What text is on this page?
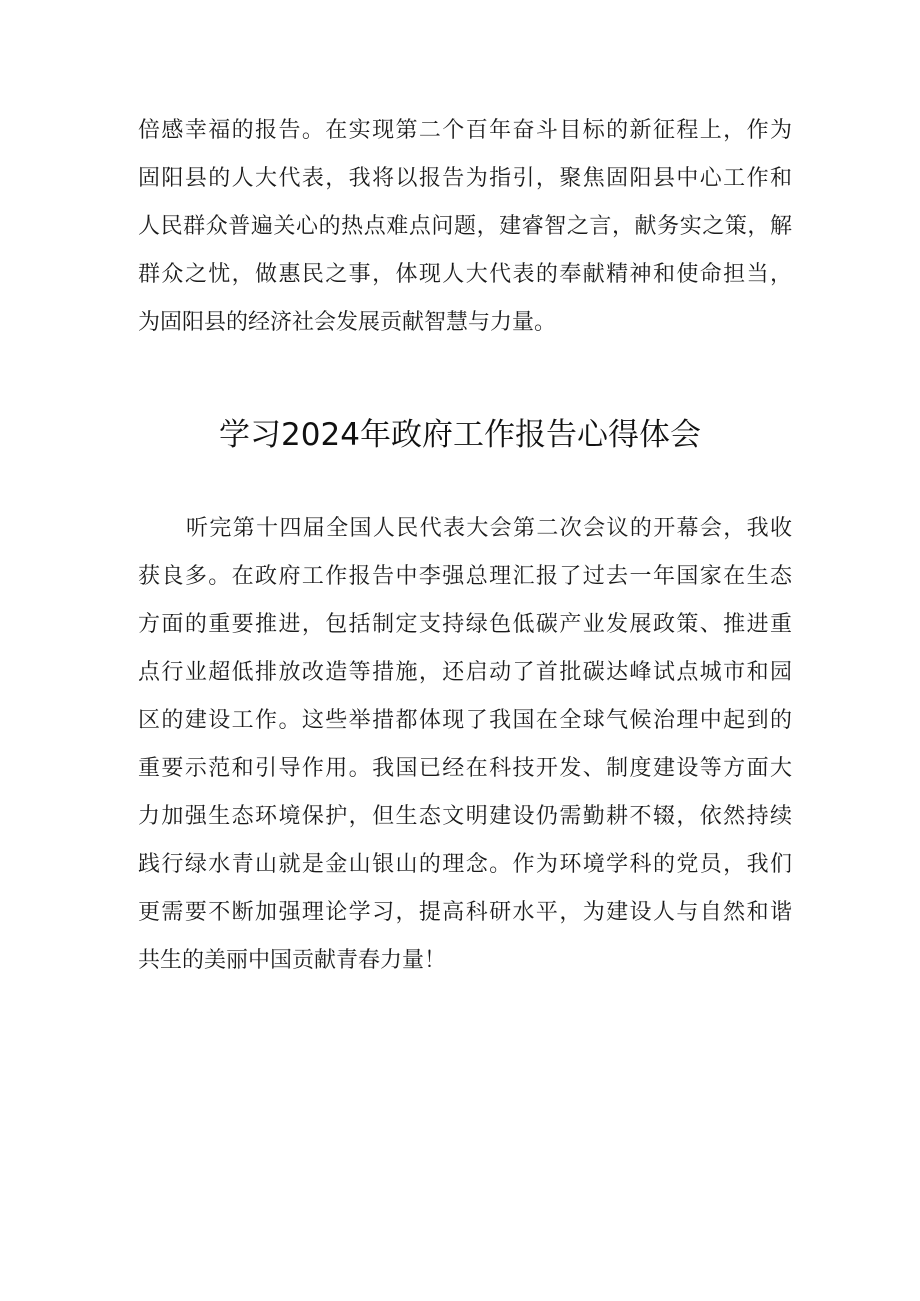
倍感幸福的报告。在实现第二个百年奋斗目标的新征程上，作为
固阳县的人大代表，我将以报告为指引，聚焦固阳县中心工作和
人民群众普遍关心的热点难点问题，建睿智之言，献务实之策，解
群众之忧，做惠民之事，体现人大代表的奉献精神和使命担当，
为固阳县的经济社会发展贡献智慧与力量。
学习2024年政府工作报告心得体会
听完第十四届全国人民代表大会第二次会议的开幕会，我收
获良多。在政府工作报告中李强总理汇报了过去一年国家在生态
方面的重要推进，包括制定支持绿色低碳产业发展政策、推进重
点行业超低排放改造等措施，还启动了首批碳达峰试点城市和园
区的建设工作。这些举措都体现了我国在全球气候治理中起到的
重要示范和引导作用。我国已经在科技开发、制度建设等方面大
力加强生态环境保护，但生态文明建设仍需勤耕不辍，依然持续
践行绿水青山就是金山银山的理念。作为环境学科的党员，我们
更需要不断加强理论学习，提高科研水平，为建设人与自然和谐
共生的美丽中国贡献青春力量！
